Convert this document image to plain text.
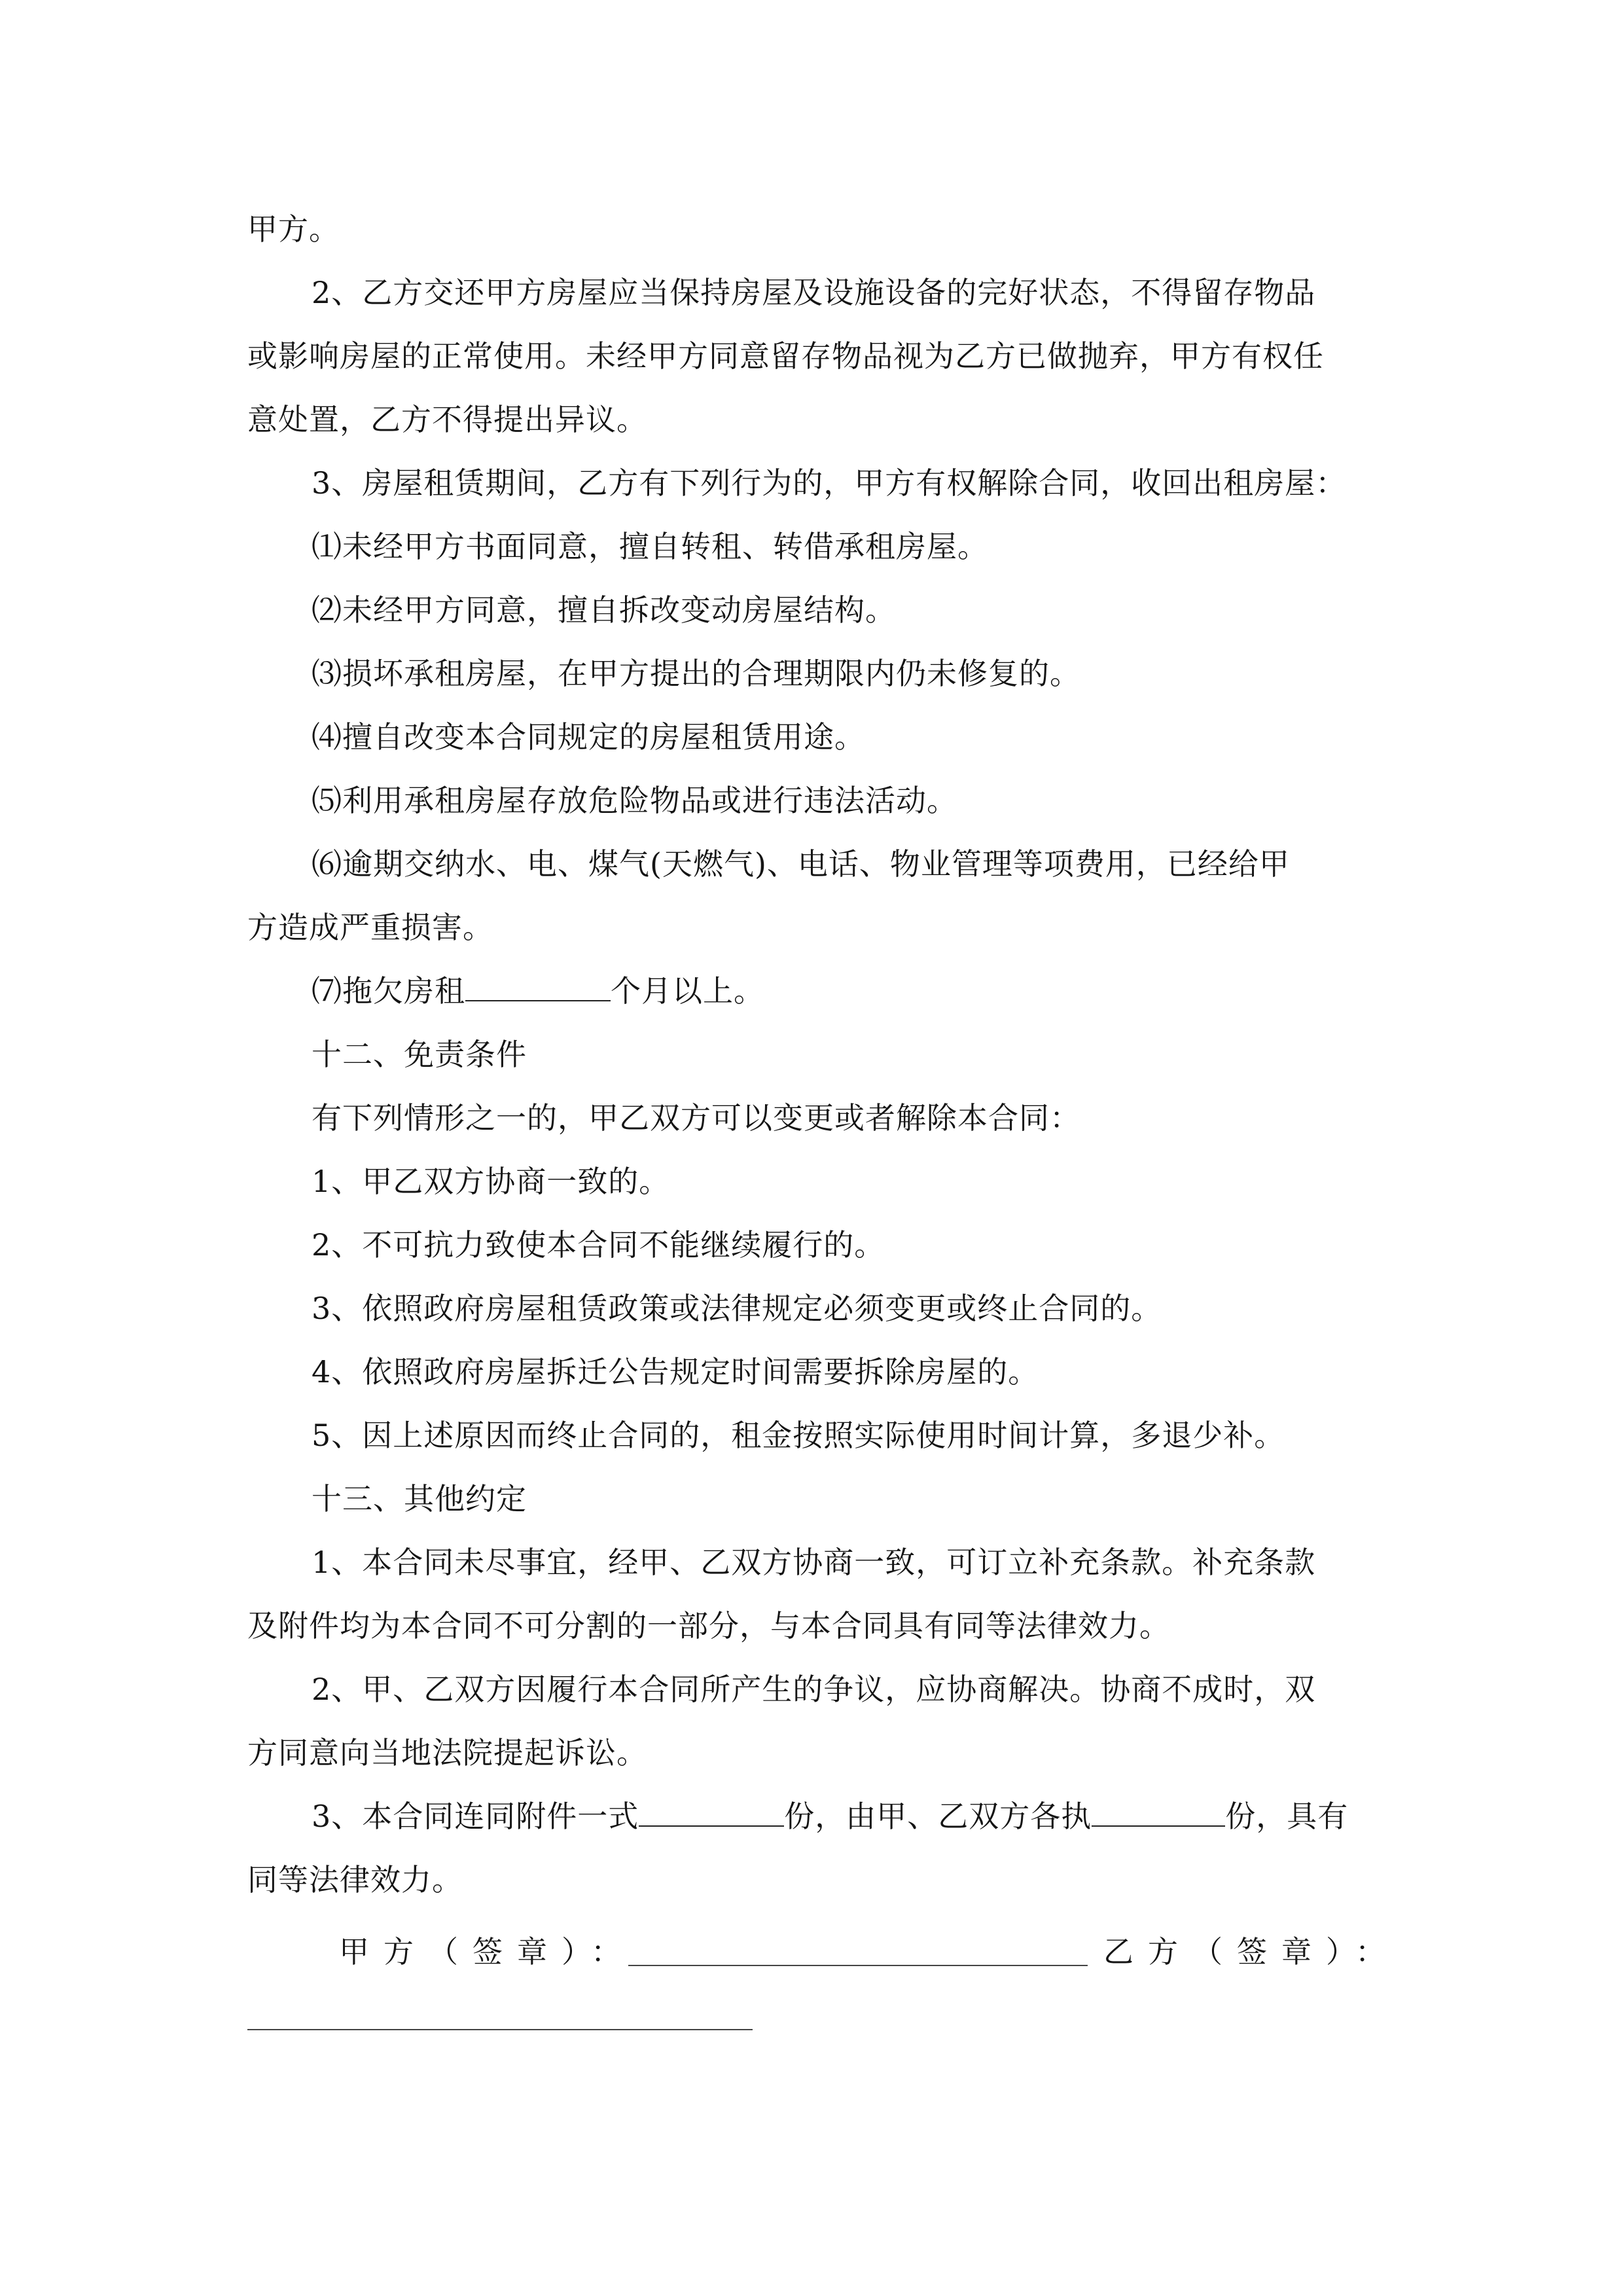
甲方。
2、乙方交还甲方房屋应当保持房屋及设施设备的完好状态，不得留存物品
或影响房屋的正常使用。未经甲方同意留存物品视为乙方已做抛弃，甲方有权任
意处置，乙方不得提出异议。
3、房屋租赁期间，乙方有下列行为的，甲方有权解除合同，收回出租房屋：
⑴未经甲方书面同意，擅自转租、转借承租房屋。
⑵未经甲方同意，擅自拆改变动房屋结构。
⑶损坏承租房屋，在甲方提出的合理期限内仍未修复的。
⑷擅自改变本合同规定的房屋租赁用途。
⑸利用承租房屋存放危险物品或进行违法活动。
⑹逾期交纳水、电、煤气(天燃气)、电话、物业管理等项费用，已经给甲
方造成严重损害。
⑺拖欠房租	个月以上。
十二、免责条件
有下列情形之一的，甲乙双方可以变更或者解除本合同：
1、甲乙双方协商一致的。
2、不可抗力致使本合同不能继续履行的。
3、依照政府房屋租赁政策或法律规定必须变更或终止合同的。
4、依照政府房屋拆迁公告规定时间需要拆除房屋的。
5、因上述原因而终止合同的，租金按照实际使用时间计算，多退少补。
十三、其他约定
1、本合同未尽事宜，经甲、乙双方协商一致，可订立补充条款。补充条款
及附件均为本合同不可分割的一部分，与本合同具有同等法律效力。
2、甲、乙双方因履行本合同所产生的争议，应协商解决。协商不成时，双
方同意向当地法院提起诉讼。
3、本合同连同附件一式	份，由甲、乙双方各执	份，具有
同等法律效力。
甲方（签章）：	乙方（签章）：
